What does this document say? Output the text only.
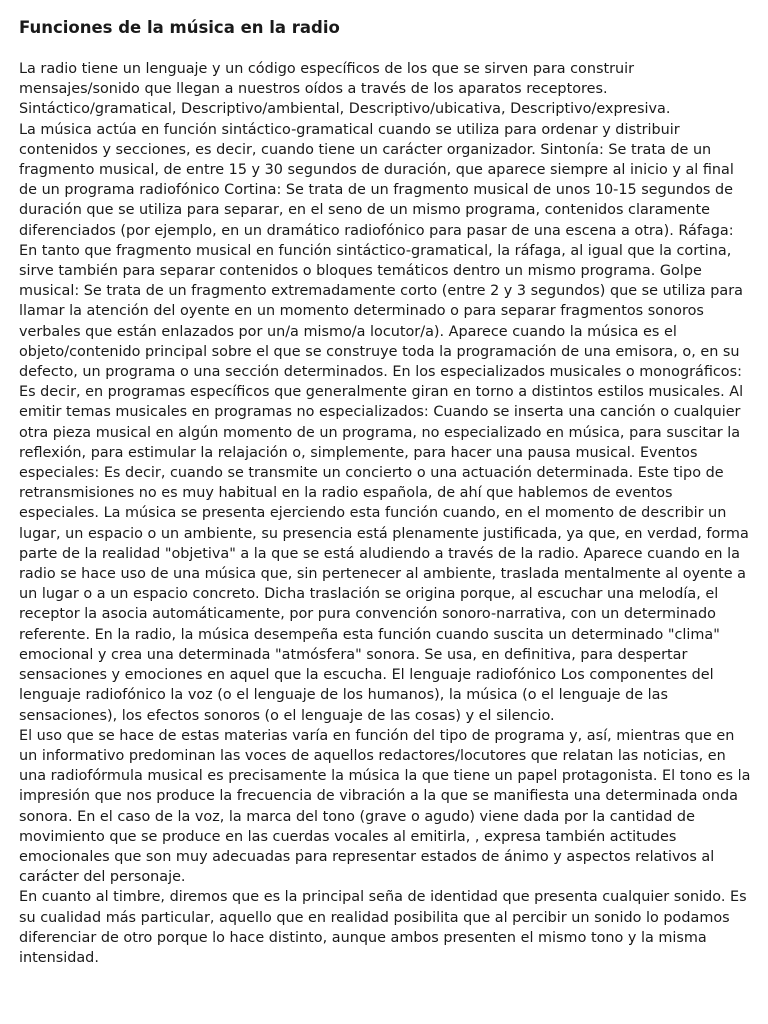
Funciones de la música en la radio

La radio tiene un lenguaje y un código específicos de los que se sirven para construir mensajes/sonido que llegan a nuestros oídos a través de los aparatos receptores. Sintáctico/gramatical, Descriptivo/ambiental, Descriptivo/ubicativa, Descriptivo/expresiva.

La música actúa en función sintáctico-gramatical cuando se utiliza para ordenar y distribuir contenidos y secciones, es decir, cuando tiene un carácter organizador. Sintonía: Se trata de un fragmento musical, de entre 15 y 30 segundos de duración, que aparece siempre al inicio y al final de un programa radiofónico Cortina: Se trata de un fragmento musical de unos 10-15 segundos de duración que se utiliza para separar, en el seno de un mismo programa, contenidos claramente diferenciados (por ejemplo, en un dramático radiofónico para pasar de una escena a otra). Ráfaga: En tanto que fragmento musical en función sintáctico-gramatical, la ráfaga, al igual que la cortina, sirve también para separar contenidos o bloques temáticos dentro un mismo programa. Golpe musical: Se trata de un fragmento extremadamente corto (entre 2 y 3 segundos) que se utiliza para llamar la atención del oyente en un momento determinado o para separar fragmentos sonoros verbales que están enlazados por un/a mismo/a locutor/a). Aparece cuando la música es el objeto/contenido principal sobre el que se construye toda la programación de una emisora, o, en su defecto, un programa o una sección determinados. En los especializados musicales o monográficos: Es decir, en programas específicos que generalmente giran en torno a distintos estilos musicales. Al emitir temas musicales en programas no especializados: Cuando se inserta una canción o cualquier otra pieza musical en algún momento de un programa, no especializado en música, para suscitar la reflexión, para estimular la relajación o, simplemente, para hacer una pausa musical. Eventos especiales: Es decir, cuando se transmite un concierto o una actuación determinada. Este tipo de retransmisiones no es muy habitual en la radio española, de ahí que hablemos de eventos especiales. La música se presenta ejerciendo esta función cuando, en el momento de describir un lugar, un espacio o un ambiente, su presencia está plenamente justificada, ya que, en verdad, forma parte de la realidad "objetiva" a la que se está aludiendo a través de la radio. Aparece cuando en la radio se hace uso de una música que, sin pertenecer al ambiente, traslada mentalmente al oyente a un lugar o a un espacio concreto. Dicha traslación se origina porque, al escuchar una melodía, el receptor la asocia automáticamente, por pura convención sonoro-narrativa, con un determinado referente. En la radio, la música desempeña esta función cuando suscita un determinado "clima" emocional y crea una determinada "atmósfera" sonora. Se usa, en definitiva, para despertar sensaciones y emociones en aquel que la escucha. El lenguaje radiofónico Los componentes del lenguaje radiofónico la voz (o el lenguaje de los humanos), la música (o el lenguaje de las sensaciones), los efectos sonoros (o el lenguaje de las cosas) y el silencio.

El uso que se hace de estas materias varía en función del tipo de programa y, así, mientras que en un informativo predominan las voces de aquellos redactores/locutores que relatan las noticias, en una radiofórmula musical es precisamente la música la que tiene un papel protagonista. El tono es la impresión que nos produce la frecuencia de vibración a la que se manifiesta una determinada onda sonora. En el caso de la voz, la marca del tono (grave o agudo) viene dada por la cantidad de movimiento que se produce en las cuerdas vocales al emitirla, , expresa también actitudes emocionales que son muy adecuadas para representar estados de ánimo y aspectos relativos al carácter del personaje.

En cuanto al timbre, diremos que es la principal seña de identidad que presenta cualquier sonido. Es su cualidad más particular, aquello que en realidad posibilita que al percibir un sonido lo podamos diferenciar de otro porque lo hace distinto, aunque ambos presenten el mismo tono y la misma intensidad.
